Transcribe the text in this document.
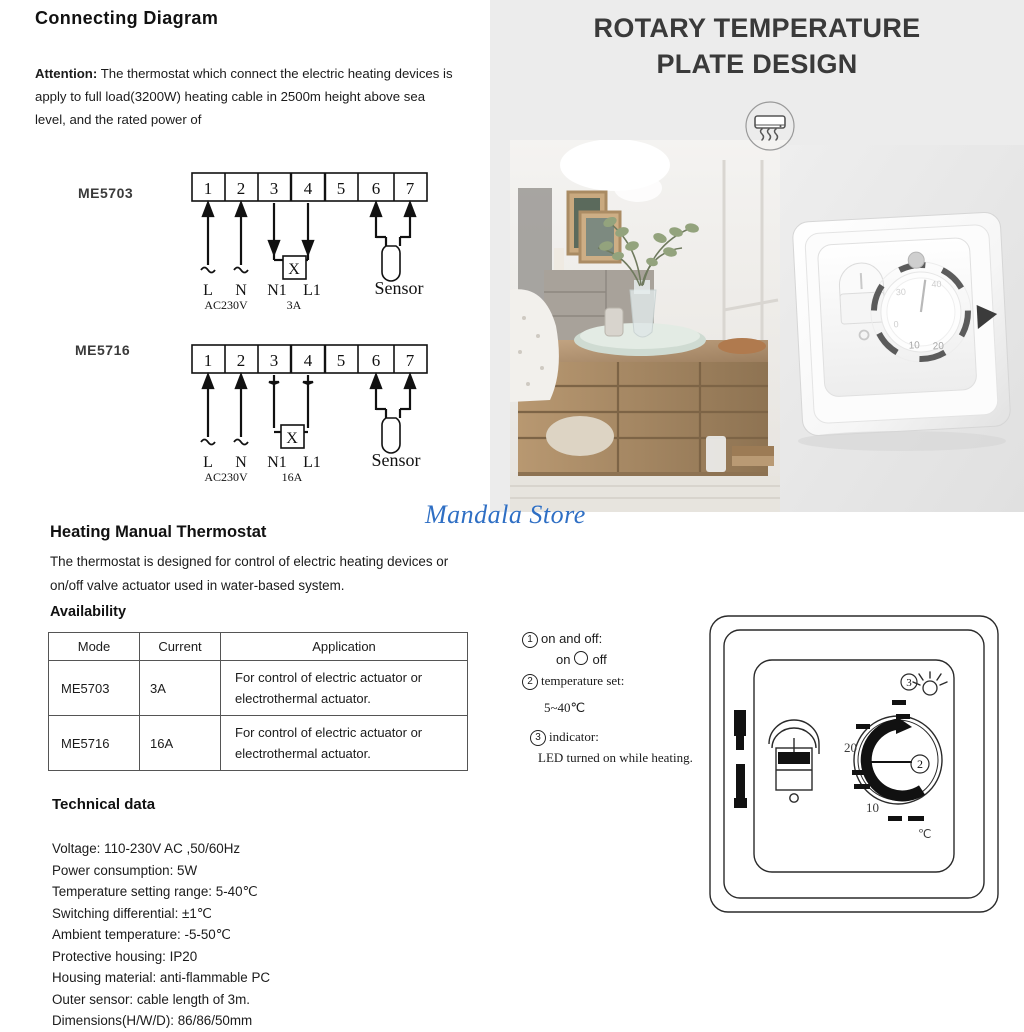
Connecting Diagram
Attention: The thermostat which connect the electric heating devices is apply to full load(3200W) heating cable in 2500m height above sea level, and the rated power of
ME5703	1 2 3 4 5 6 7
X
L N N1 L1	Sensor
AC230V	3A
ME5716
1 2 3 4 5 6 7
X
L N N1 L1	Sensor
AC230V	16A
Heating Manual Thermostat
The thermostat is designed for control of electric heating devices or on/off valve actuator used in water-based system.
Availability
Mode	Current	Application
ME5703	3A	For control of electric actuator or electrothermal actuator.
ME5716	16A	For control of electric actuator or electrothermal actuator.
Technical data
Voltage: 110-230V AC ,50/60Hz
Power consumption: 5W
Temperature setting range: 5-40℃
Switching differential: ±1℃
Ambient temperature: -5-50℃
Protective housing: IP20
Housing material: anti-flammable PC
Outer sensor: cable length of 3m.
Dimensions(H/W/D): 86/86/50mm
ROTARY TEMPERATURE
PLATE DESIGN
30
40
0
10 20
Mandala Store
1 on and off:
on off
2 temperature set:
5~40℃
3 indicator:
LED turned on while heating.	2
20
10
℃
3
